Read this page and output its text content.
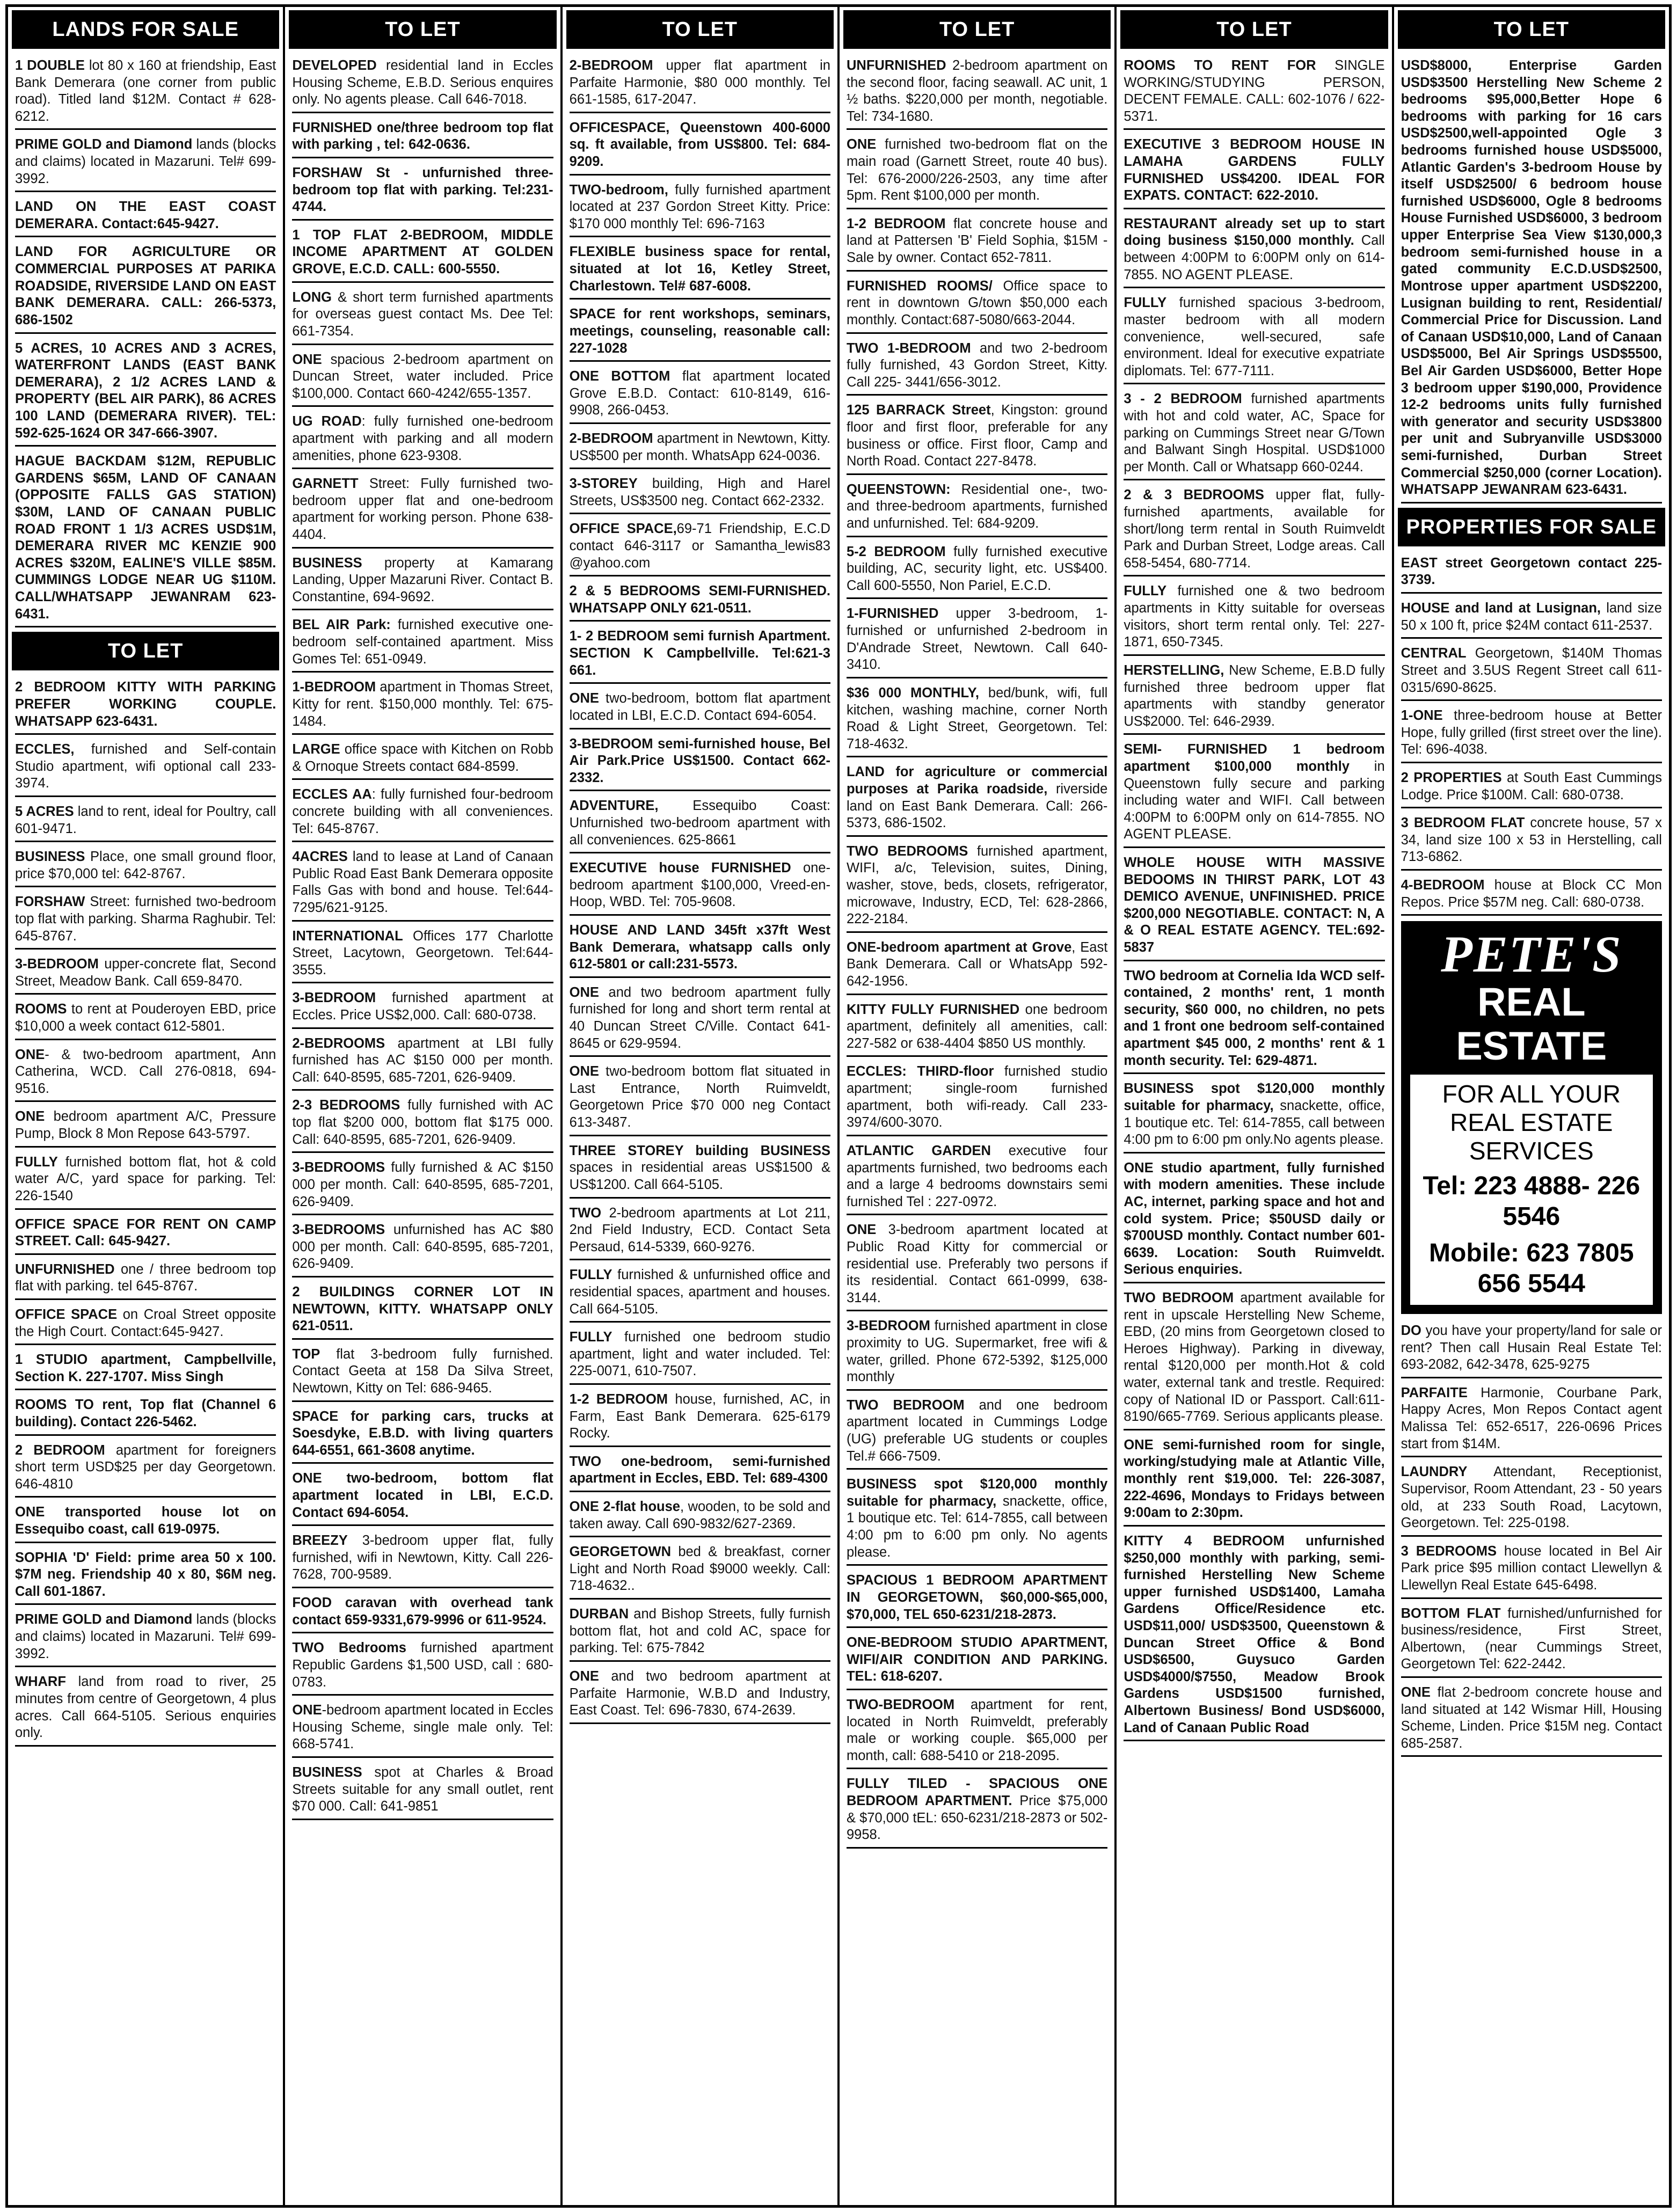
LANDS FOR SALE
1 DOUBLE lot 80 x 160 at friendship, East Bank Demerara (one corner from public road). Titled land $12M. Contact # 628-6212.
PRIME GOLD and Diamond lands (blocks and claims) located in Mazaruni. Tel# 699-3992.
LAND ON THE EAST COAST DEMERARA. Contact:645-9427.
LAND FOR AGRICULTURE OR COMMERCIAL PURPOSES AT PARIKA ROADSIDE, RIVERSIDE LAND ON EAST BANK DEMERARA. CALL: 266-5373, 686-1502
5 ACRES, 10 ACRES AND 3 ACRES, WATERFRONT LANDS (EAST BANK DEMERARA), 2 1/2 ACRES LAND & PROPERTY (BEL AIR PARK), 86 ACRES 100 LAND (DEMERARA RIVER). TEL: 592-625-1624 OR 347-666-3907.
HAGUE BACKDAM $12M, REPUBLIC GARDENS $65M, LAND OF CANAAN (OPPOSITE FALLS GAS STATION) $30M, LAND OF CANAAN PUBLIC ROAD FRONT 1 1/3 ACRES USD$1M, DEMERARA RIVER MC KENZIE 900 ACRES $320M, EALINE'S VILLE $85M. CUMMINGS LODGE NEAR UG $110M. CALL/WHATSAPP JEWANRAM 623-6431.
TO LET
2 BEDROOM KITTY WITH PARKING PREFER WORKING COUPLE. WHATSAPP 623-6431.
ECCLES, furnished and Self-contain Studio apartment, wifi optional call 233-3974.
5 ACRES land to rent, ideal for Poultry, call 601-9471.
BUSINESS Place, one small ground floor, price $70,000 tel: 642-8767.
FORSHAW Street: furnished two-bedroom top flat with parking. Sharma Raghubir. Tel: 645-8767.
3-BEDROOM upper-concrete flat, Second Street, Meadow Bank. Call 659-8470.
ROOMS to rent at Pouderoyen EBD, price $10,000 a week contact 612-5801.
ONE- & two-bedroom apartment, Ann Catherina, WCD. Call 276-0818, 694-9516.
ONE bedroom apartment A/C, Pressure Pump, Block 8 Mon Repose 643-5797.
FULLY furnished bottom flat, hot & cold water A/C, yard space for parking. Tel: 226-1540
OFFICE SPACE FOR RENT ON CAMP STREET. Call: 645-9427.
UNFURNISHED one / three bedroom top flat with parking. tel 645-8767.
OFFICE SPACE on Croal Street opposite the High Court. Contact:645-9427.
1 STUDIO apartment, Campbellville, Section K. 227-1707. Miss Singh
ROOMS TO rent, Top flat (Channel 6 building). Contact 226-5462.
2 BEDROOM apartment for foreigners short term USD$25 per day Georgetown. 646-4810
ONE transported house lot on Essequibo coast, call 619-0975.
SOPHIA 'D' Field: prime area 50 x 100. $7M neg. Friendship 40 x 80, $6M neg. Call 601-1867.
PRIME GOLD and Diamond lands (blocks and claims) located in Mazaruni. Tel# 699-3992.
WHARF land from road to river, 25 minutes from centre of Georgetown, 4 plus acres. Call 664-5105. Serious enquiries only.
TO LET
DEVELOPED residential land in Eccles Housing Scheme, E.B.D. Serious enquires only. No agents please. Call 646-7018.
FURNISHED one/three bedroom top flat with parking , tel: 642-0636.
FORSHAW St - unfurnished three-bedroom top flat with parking. Tel:231-4744.
1 TOP FLAT 2-BEDROOM, MIDDLE INCOME APARTMENT AT GOLDEN GROVE, E.C.D. CALL: 600-5550.
LONG & short term furnished apartments for overseas guest contact Ms. Dee Tel: 661-7354.
ONE spacious 2-bedroom apartment on Duncan Street, water included. Price $100,000. Contact 660-4242/655-1357.
UG ROAD: fully furnished one-bedroom apartment with parking and all modern amenities, phone 623-9308.
GARNETT Street: Fully furnished two-bedroom upper flat and one-bedroom apartment for working person. Phone 638-4404.
BUSINESS property at Kamarang Landing, Upper Mazaruni River. Contact B. Constantine, 694-9692.
BEL AIR Park: furnished executive one-bedroom self-contained apartment. Miss Gomes Tel: 651-0949.
1-BEDROOM apartment in Thomas Street, Kitty for rent. $150,000 monthly. Tel: 675-1484.
LARGE office space with Kitchen on Robb & Ornoque Streets contact 684-8599.
ECCLES AA: fully furnished four-bedroom concrete building with all conveniences. Tel: 645-8767.
4ACRES land to lease at Land of Canaan Public Road East Bank Demerara opposite Falls Gas with bond and house. Tel:644-7295/621-9125.
INTERNATIONAL Offices 177 Charlotte Street, Lacytown, Georgetown. Tel:644-3555.
3-BEDROOM furnished apartment at Eccles. Price US$2,000. Call: 680-0738.
2-BEDROOMS apartment at LBI fully furnished has AC $150 000 per month. Call: 640-8595, 685-7201, 626-9409.
2-3 BEDROOMS fully furnished with AC top flat $200 000, bottom flat $175 000. Call: 640-8595, 685-7201, 626-9409.
3-BEDROOMS fully furnished & AC $150 000 per month. Call: 640-8595, 685-7201, 626-9409.
3-BEDROOMS unfurnished has AC $80 000 per month. Call: 640-8595, 685-7201, 626-9409.
2 BUILDINGS CORNER LOT IN NEWTOWN, KITTY. WHATSAPP ONLY 621-0511.
TOP flat 3-bedroom fully furnished. Contact Geeta at 158 Da Silva Street, Newtown, Kitty on Tel: 686-9465.
SPACE for parking cars, trucks at Soesdyke, E.B.D. with living quarters 644-6551, 661-3608 anytime.
ONE two-bedroom, bottom flat apartment located in LBI, E.C.D. Contact 694-6054.
BREEZY 3-bedroom upper flat, fully furnished, wifi in Newtown, Kitty. Call 226-7628, 700-9589.
FOOD caravan with overhead tank contact 659-9331,679-9996 or 611-9524.
TWO Bedrooms furnished apartment Republic Gardens $1,500 USD, call : 680-0783.
ONE-bedroom apartment located in Eccles Housing Scheme, single male only. Tel: 668-5741.
BUSINESS spot at Charles & Broad Streets suitable for any small outlet, rent $70 000. Call: 641-9851
TO LET
2-BEDROOM upper flat apartment in Parfaite Harmonie, $80 000 monthly. Tel 661-1585, 617-2047.
OFFICESPACE, Queenstown 400-6000 sq. ft available, from US$800. Tel: 684-9209.
TWO-bedroom, fully furnished apartment located at 237 Gordon Street Kitty. Price: $170 000 monthly Tel: 696-7163
FLEXIBLE business space for rental, situated at lot 16, Ketley Street, Charlestown. Tel# 687-6008.
SPACE for rent workshops, seminars, meetings, counseling, reasonable call: 227-1028
ONE BOTTOM flat apartment located Grove E.B.D. Contact: 610-8149, 616-9908, 266-0453.
2-BEDROOM apartment in Newtown, Kitty. US$500 per month. WhatsApp 624-0036.
3-STOREY building, High and Harel Streets, US$3500 neg. Contact 662-2332.
OFFICE SPACE,69-71 Friendship, E.C.D contact 646-3117 or Samantha_lewis83 @yahoo.com
2 & 5 BEDROOMS SEMI-FURNISHED. WHATSAPP ONLY 621-0511.
1- 2 BEDROOM semi furnish Apartment. SECTION K Campbellville. Tel:621-3 661.
ONE two-bedroom, bottom flat apartment located in LBI, E.C.D. Contact 694-6054.
3-BEDROOM semi-furnished house, Bel Air Park.Price US$1500. Contact 662-2332.
ADVENTURE, Essequibo Coast: Unfurnished two-bedroom apartment with all conveniences. 625-8661
EXECUTIVE house FURNISHED one-bedroom apartment $100,000, Vreed-en-Hoop, WBD. Tel: 705-9608.
HOUSE AND LAND 345ft x37ft West Bank Demerara, whatsapp calls only 612-5801 or call:231-5573.
ONE and two bedroom apartment fully furnished for long and short term rental at 40 Duncan Street C/Ville. Contact 641-8645 or 629-9594.
ONE two-bedroom bottom flat situated in Last Entrance, North Ruimveldt, Georgetown Price $70 000 neg Contact 613-3487.
THREE STOREY building BUSINESS spaces in residential areas US$1500 & US$1200. Call 664-5105.
TWO 2-bedroom apartments at Lot 211, 2nd Field Industry, ECD. Contact Seta Persaud, 614-5339, 660-9276.
FULLY furnished & unfurnished office and residential spaces, apartment and houses. Call 664-5105.
FULLY furnished one bedroom studio apartment, light and water included. Tel: 225-0071, 610-7507.
1-2 BEDROOM house, furnished, AC, in Farm, East Bank Demerara. 625-6179 Rocky.
TWO one-bedroom, semi-furnished apartment in Eccles, EBD. Tel: 689-4300
ONE 2-flat house, wooden, to be sold and taken away. Call 690-9832/627-2369.
GEORGETOWN bed & breakfast, corner Light and North Road $9000 weekly. Call: 718-4632..
DURBAN and Bishop Streets, fully furnish bottom flat, hot and cold AC, space for parking. Tel: 675-7842
ONE and two bedroom apartment at Parfaite Harmonie, W.B.D and Industry, East Coast. Tel: 696-7830, 674-2639.
TO LET
UNFURNISHED 2-bedroom apartment on the second floor, facing seawall. AC unit, 1 ½ baths. $220,000 per month, negotiable. Tel: 734-1680.
ONE furnished two-bedroom flat on the main road (Garnett Street, route 40 bus). Tel: 676-2000/226-2503, any time after 5pm. Rent $100,000 per month.
1-2 BEDROOM flat concrete house and land at Pattersen 'B' Field Sophia, $15M - Sale by owner. Contact 652-7811.
FURNISHED ROOMS/ Office space to rent in downtown G/town $50,000 each monthly. Contact:687-5080/663-2044.
TWO 1-BEDROOM and two 2-bedroom fully furnished, 43 Gordon Street, Kitty. Call 225- 3441/656-3012.
125 BARRACK Street, Kingston: ground floor and first floor, preferable for any business or office. First floor, Camp and North Road. Contact 227-8478.
QUEENSTOWN: Residential one-, two- and three-bedroom apartments, furnished and unfurnished. Tel: 684-9209.
5-2 BEDROOM fully furnished executive building, AC, security light, etc. US$400. Call 600-5550, Non Pariel, E.C.D.
1-FURNISHED upper 3-bedroom, 1-furnished or unfurnished 2-bedroom in D'Andrade Street, Newtown. Call 640-3410.
$36 000 MONTHLY, bed/bunk, wifi, full kitchen, washing machine, corner North Road & Light Street, Georgetown. Tel: 718-4632.
LAND for agriculture or commercial purposes at Parika roadside, riverside land on East Bank Demerara. Call: 266-5373, 686-1502.
TWO BEDROOMS furnished apartment, WIFI, a/c, Television, suites, Dining, washer, stove, beds, closets, refrigerator, microwave, Industry, ECD, Tel: 628-2866, 222-2184.
ONE-bedroom apartment at Grove, East Bank Demerara. Call or WhatsApp 592-642-1956.
KITTY FULLY FURNISHED one bedroom apartment, definitely all amenities, call: 227-582 or 638-4404 $850 US monthly.
ECCLES: THIRD-floor furnished studio apartment; single-room furnished apartment, both wifi-ready. Call 233-3974/600-3070.
ATLANTIC GARDEN executive four apartments furnished, two bedrooms each and a large 4 bedrooms downstairs semi furnished Tel : 227-0972.
ONE 3-bedroom apartment located at Public Road Kitty for commercial or residential use. Preferably two persons if its residential. Contact 661-0999, 638-3144.
3-BEDROOM furnished apartment in close proximity to UG. Supermarket, free wifi & water, grilled. Phone 672-5392, $125,000 monthly
TWO BEDROOM and one bedroom apartment located in Cummings Lodge (UG) preferable UG students or couples Tel.# 666-7509.
BUSINESS spot $120,000 monthly suitable for pharmacy, snackette, office, 1 boutique etc. Tel: 614-7855, call between 4:00 pm to 6:00 pm only. No agents please.
SPACIOUS 1 BEDROOM APARTMENT IN GEORGETOWN, $60,000-$65,000, $70,000, TEL 650-6231/218-2873.
ONE-BEDROOM STUDIO APARTMENT, WIFI/AIR CONDITION AND PARKING. TEL: 618-6207.
TWO-BEDROOM apartment for rent, located in North Ruimveldt, preferably male or working couple. $65,000 per month, call: 688-5410 or 218-2095.
FULLY TILED - SPACIOUS ONE BEDROOM APARTMENT. Price $75,000 & $70,000 tEL: 650-6231/218-2873 or 502-9958.
TO LET
ROOMS TO RENT FOR SINGLE WORKING/STUDYING PERSON, DECENT FEMALE. CALL: 602-1076 / 622-5371.
EXECUTIVE 3 BEDROOM HOUSE IN LAMAHA GARDENS FULLY FURNISHED US$4200. IDEAL FOR EXPATS. CONTACT: 622-2010.
RESTAURANT already set up to start doing business $150,000 monthly. Call between 4:00PM to 6:00PM only on 614-7855. NO AGENT PLEASE.
FULLY furnished spacious 3-bedroom, master bedroom with all modern convenience, well-secured, safe environment. Ideal for executive expatriate diplomats. Tel: 677-7111.
3 - 2 BEDROOM furnished apartments with hot and cold water, AC, Space for parking on Cummings Street near G/Town and Balwant Singh Hospital. USD$1000 per Month. Call or Whatsapp 660-0244.
2 & 3 BEDROOMS upper flat, fully-furnished apartments, available for short/long term rental in South Ruimveldt Park and Durban Street, Lodge areas. Call 658-5454, 680-7714.
FULLY furnished one & two bedroom apartments in Kitty suitable for overseas visitors, short term rental only. Tel: 227-1871, 650-7345.
HERSTELLING, New Scheme, E.B.D fully furnished three bedroom upper flat apartments with standby generator US$2000. Tel: 646-2939.
SEMI- FURNISHED 1 bedroom apartment $100,000 monthly in Queenstown fully secure and parking including water and WIFI. Call between 4:00PM to 6:00PM only on 614-7855. NO AGENT PLEASE.
WHOLE HOUSE WITH MASSIVE BEDOOMS IN THIRST PARK, LOT 43 DEMICO AVENUE, UNFINISHED. PRICE $200,000 NEGOTIABLE. CONTACT: N, A & O REAL ESTATE AGENCY. TEL:692-5837
TWO bedroom at Cornelia Ida WCD self-contained, 2 months' rent, 1 month security, $60 000, no children, no pets and 1 front one bedroom self-contained apartment $45 000, 2 months' rent & 1 month security. Tel: 629-4871.
BUSINESS spot $120,000 monthly suitable for pharmacy, snackette, office, 1 boutique etc. Tel: 614-7855, call between 4:00 pm to 6:00 pm only.No agents please.
ONE studio apartment, fully furnished with modern amenities. These include AC, internet, parking space and hot and cold system. Price; $50USD daily or $700USD monthly. Contact number 601-6639. Location: South Ruimveldt. Serious enquiries.
TWO BEDROOM apartment available for rent in upscale Herstelling New Scheme, EBD, (20 mins from Georgetown closed to Heroes Highway). Parking in diveway, rental $120,000 per month.Hot & cold water, external tank and trestle. Required: copy of National ID or Passport. Call:611-8190/665-7769. Serious applicants please.
ONE semi-furnished room for single, working/studying male at Atlantic Ville, monthly rent $19,000. Tel: 226-3087, 222-4696, Mondays to Fridays between 9:00am to 2:30pm.
KITTY 4 BEDROOM unfurnished $250,000 monthly with parking, semi-furnished Herstelling New Scheme upper furnished USD$1400, Lamaha Gardens Office/Residence etc. USD$11,000/ USD$3500, Queenstown & Duncan Street Office & Bond USD$6500, Guysuco Garden USD$4000/$7550, Meadow Brook Gardens USD$1500 furnished, Albertown Business/ Bond USD$6000, Land of Canaan Public Road
TO LET
USD$8000, Enterprise Garden USD$3500 Herstelling New Scheme 2 bedrooms $95,000,Better Hope 6 bedrooms with parking for 16 cars USD$2500,well-appointed Ogle 3 bedrooms furnished house USD$5000, Atlantic Garden's 3-bedroom House by itself USD$2500/ 6 bedroom house furnished USD$6000, Ogle 8 bedrooms House Furnished USD$6000, 3 bedroom upper Enterprise Sea View $130,000,3 bedroom semi-furnished house in a gated community E.C.D.USD$2500, Montrose upper apartment USD$2200, Lusignan building to rent, Residential/ Commercial Price for Discussion. Land of Canaan USD$10,000, Land of Canaan USD$5000, Bel Air Springs USD$5500, Bel Air Garden USD$6000, Better Hope 3 bedroom upper $190,000, Providence 12-2 bedrooms units fully furnished with generator and security USD$3800 per unit and Subryanville USD$3000 semi-furnished, Durban Street Commercial $250,000 (corner Location). WHATSAPP JEWANRAM 623-6431.
PROPERTIES FOR SALE
EAST street Georgetown contact 225-3739.
HOUSE and land at Lusignan, land size 50 x 100 ft, price $24M contact 611-2537.
CENTRAL Georgetown, $140M Thomas Street and 3.5US Regent Street call 611-0315/690-8625.
1-ONE three-bedroom house at Better Hope, fully grilled (first street over the line). Tel: 696-4038.
2 PROPERTIES at South East Cummings Lodge. Price $100M. Call: 680-0738.
3 BEDROOM FLAT concrete house, 57 x 34, land size 100 x 53 in Herstelling, call 713-6862.
4-BEDROOM house at Block CC Mon Repos. Price $57M neg. Call: 680-0738.
PETE'S
REAL ESTATE
FOR ALL YOUR REAL ESTATE SERVICES
Tel: 223 4888- 226 5546
Mobile: 623 7805 656 5544
DO you have your property/land for sale or rent? Then call Husain Real Estate Tel: 693-2082, 642-3478, 625-9275
PARFAITE Harmonie, Courbane Park, Happy Acres, Mon Repos Contact agent Malissa Tel: 652-6517, 226-0696 Prices start from $14M.
LAUNDRY Attendant, Receptionist, Supervisor, Room Attendant, 23 - 50 years old, at 233 South Road, Lacytown, Georgetown. Tel: 225-0198.
3 BEDROOMS house located in Bel Air Park price $95 million contact Llewellyn & Llewellyn Real Estate 645-6498.
BOTTOM FLAT furnished/unfurnished for business/residence, First Street, Albertown, (near Cummings Street, Georgetown Tel: 622-2442.
ONE flat 2-bedroom concrete house and land situated at 142 Wismar Hill, Housing Scheme, Linden. Price $15M neg. Contact 685-2587.
